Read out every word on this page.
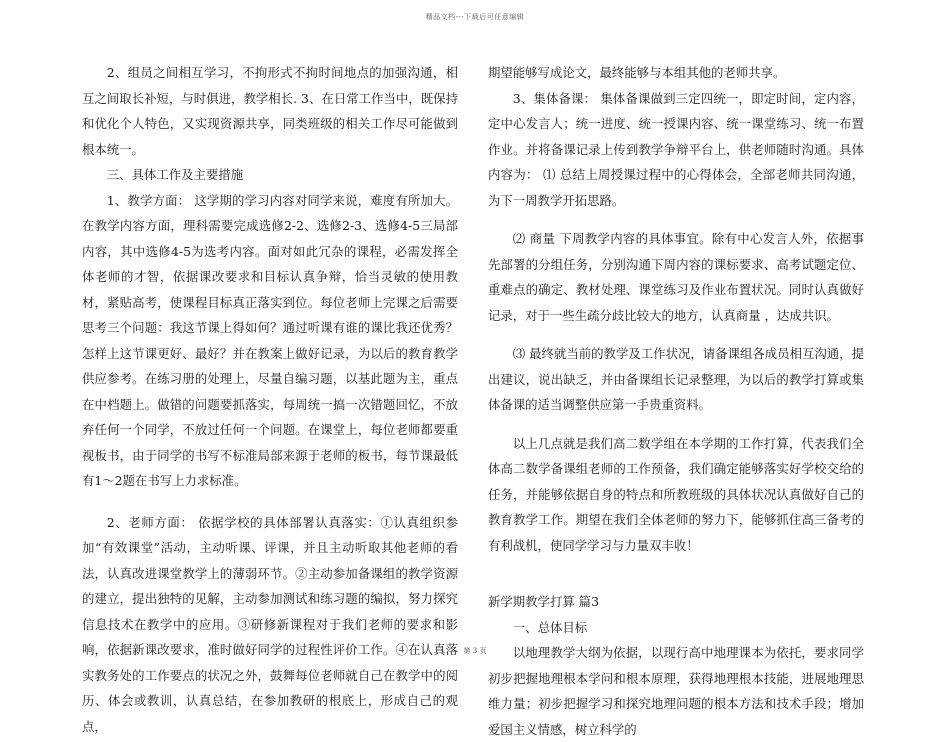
精品文档---下载后可任意编辑

2、组员之间相互学习，不拘形式不拘时间地点的加强沟通，相互之间取长补短，与时俱进，教学相长. 3、在日常工作当中，既保持和优化个人特色，又实现资源共享，同类班级的相关工作尽可能做到根本统一。

三、具体工作及主要措施

1、教学方面： 这学期的学习内容对同学来说，难度有所加大。在教学内容方面，理科需要完成选修2-2、选修2-3、选修4-5三局部内容，其中选修4-5为选考内容。面对如此冗杂的课程，必需发挥全体老师的才智，依据课改要求和目标认真争辩，恰当灵敏的使用教材，紧贴高考，使课程目标真正落实到位。每位老师上完课之后需要思考三个问题：我这节课上得如何？通过听课有谁的课比我还优秀？怎样上这节课更好、最好？并在教案上做好记录，为以后的教育教学供应参考。在练习册的处理上，尽量自编习题，以基此题为主，重点在中档题上。做错的问题要抓落实，每周统一搞一次错题回忆，不放弃任何一个同学，不放过任何一个问题。在课堂上，每位老师都要重视板书，由于同学的书写不标准局部来源于老师的板书，每节课最低有1～2题在书写上力求标准。

2、老师方面： 依据学校的具体部署认真落实：①认真组织参加“有效课堂”活动，主动听课、评课，并且主动听取其他老师的看法，认真改进课堂教学上的薄弱环节。②主动参加备课组的教学资源的建立，提出独特的见解，主动参加测试和练习题的编拟，努力探究信息技术在教学中的应用。③研修新课程对于我们老师的要求和影响，依据新课改要求，准时做好同学的过程性评价工作。④在认真落实教务处的工作要点的状况之外，鼓舞每位老师就自己在教学中的阅历、体会或教训，认真总结，在参加教研的根底上，形成自己的观点，

期望能够写成论文，最终能够与本组其他的老师共享。

3、集体备课： 集体备课做到三定四统一，即定时间，定内容，定中心发言人；统一进度、统一授课内容、统一课堂练习、统一布置作业。并将备课记录上传到教学争辩平台上，供老师随时沟通。具体内容为： ⑴ 总结上周授课过程中的心得体会，全部老师共同沟通，为下一周教学开拓思路。

⑵ 商量 下周教学内容的具体事宜。除有中心发言人外，依据事先部署的分组任务，分别沟通下周内容的课标要求、高考试题定位、重难点的确定、教材处理、课堂练习及作业布置状况。同时认真做好记录，对于一些生疏分歧比较大的地方，认真商量 ，达成共识。

⑶ 最终就当前的教学及工作状况，请备课组各成员相互沟通，提出建议，说出缺乏，并由备课组长记录整理，为以后的教学打算或集体备课的适当调整供应第一手贵重资料。

以上几点就是我们高二数学组在本学期的工作打算，代表我们全体高二数学备课组老师的工作预备，我们确定能够落实好学校交给的任务，并能够依据自身的特点和所教班级的具体状况认真做好自己的教育教学工作。期望在我们全体老师的努力下，能够抓住高三备考的有利战机，使同学学习与力量双丰收！

新学期教学打算 篇3

一、总体目标

以地理教学大纲为依据，以现行高中地理课本为依托，要求同学初步把握地理根本学问和根本原理，获得地理根本技能，进展地理思维力量；初步把握学习和探究地理问题的根本方法和技术手段；增加爱国主义情感，树立科学的

第 3 页
